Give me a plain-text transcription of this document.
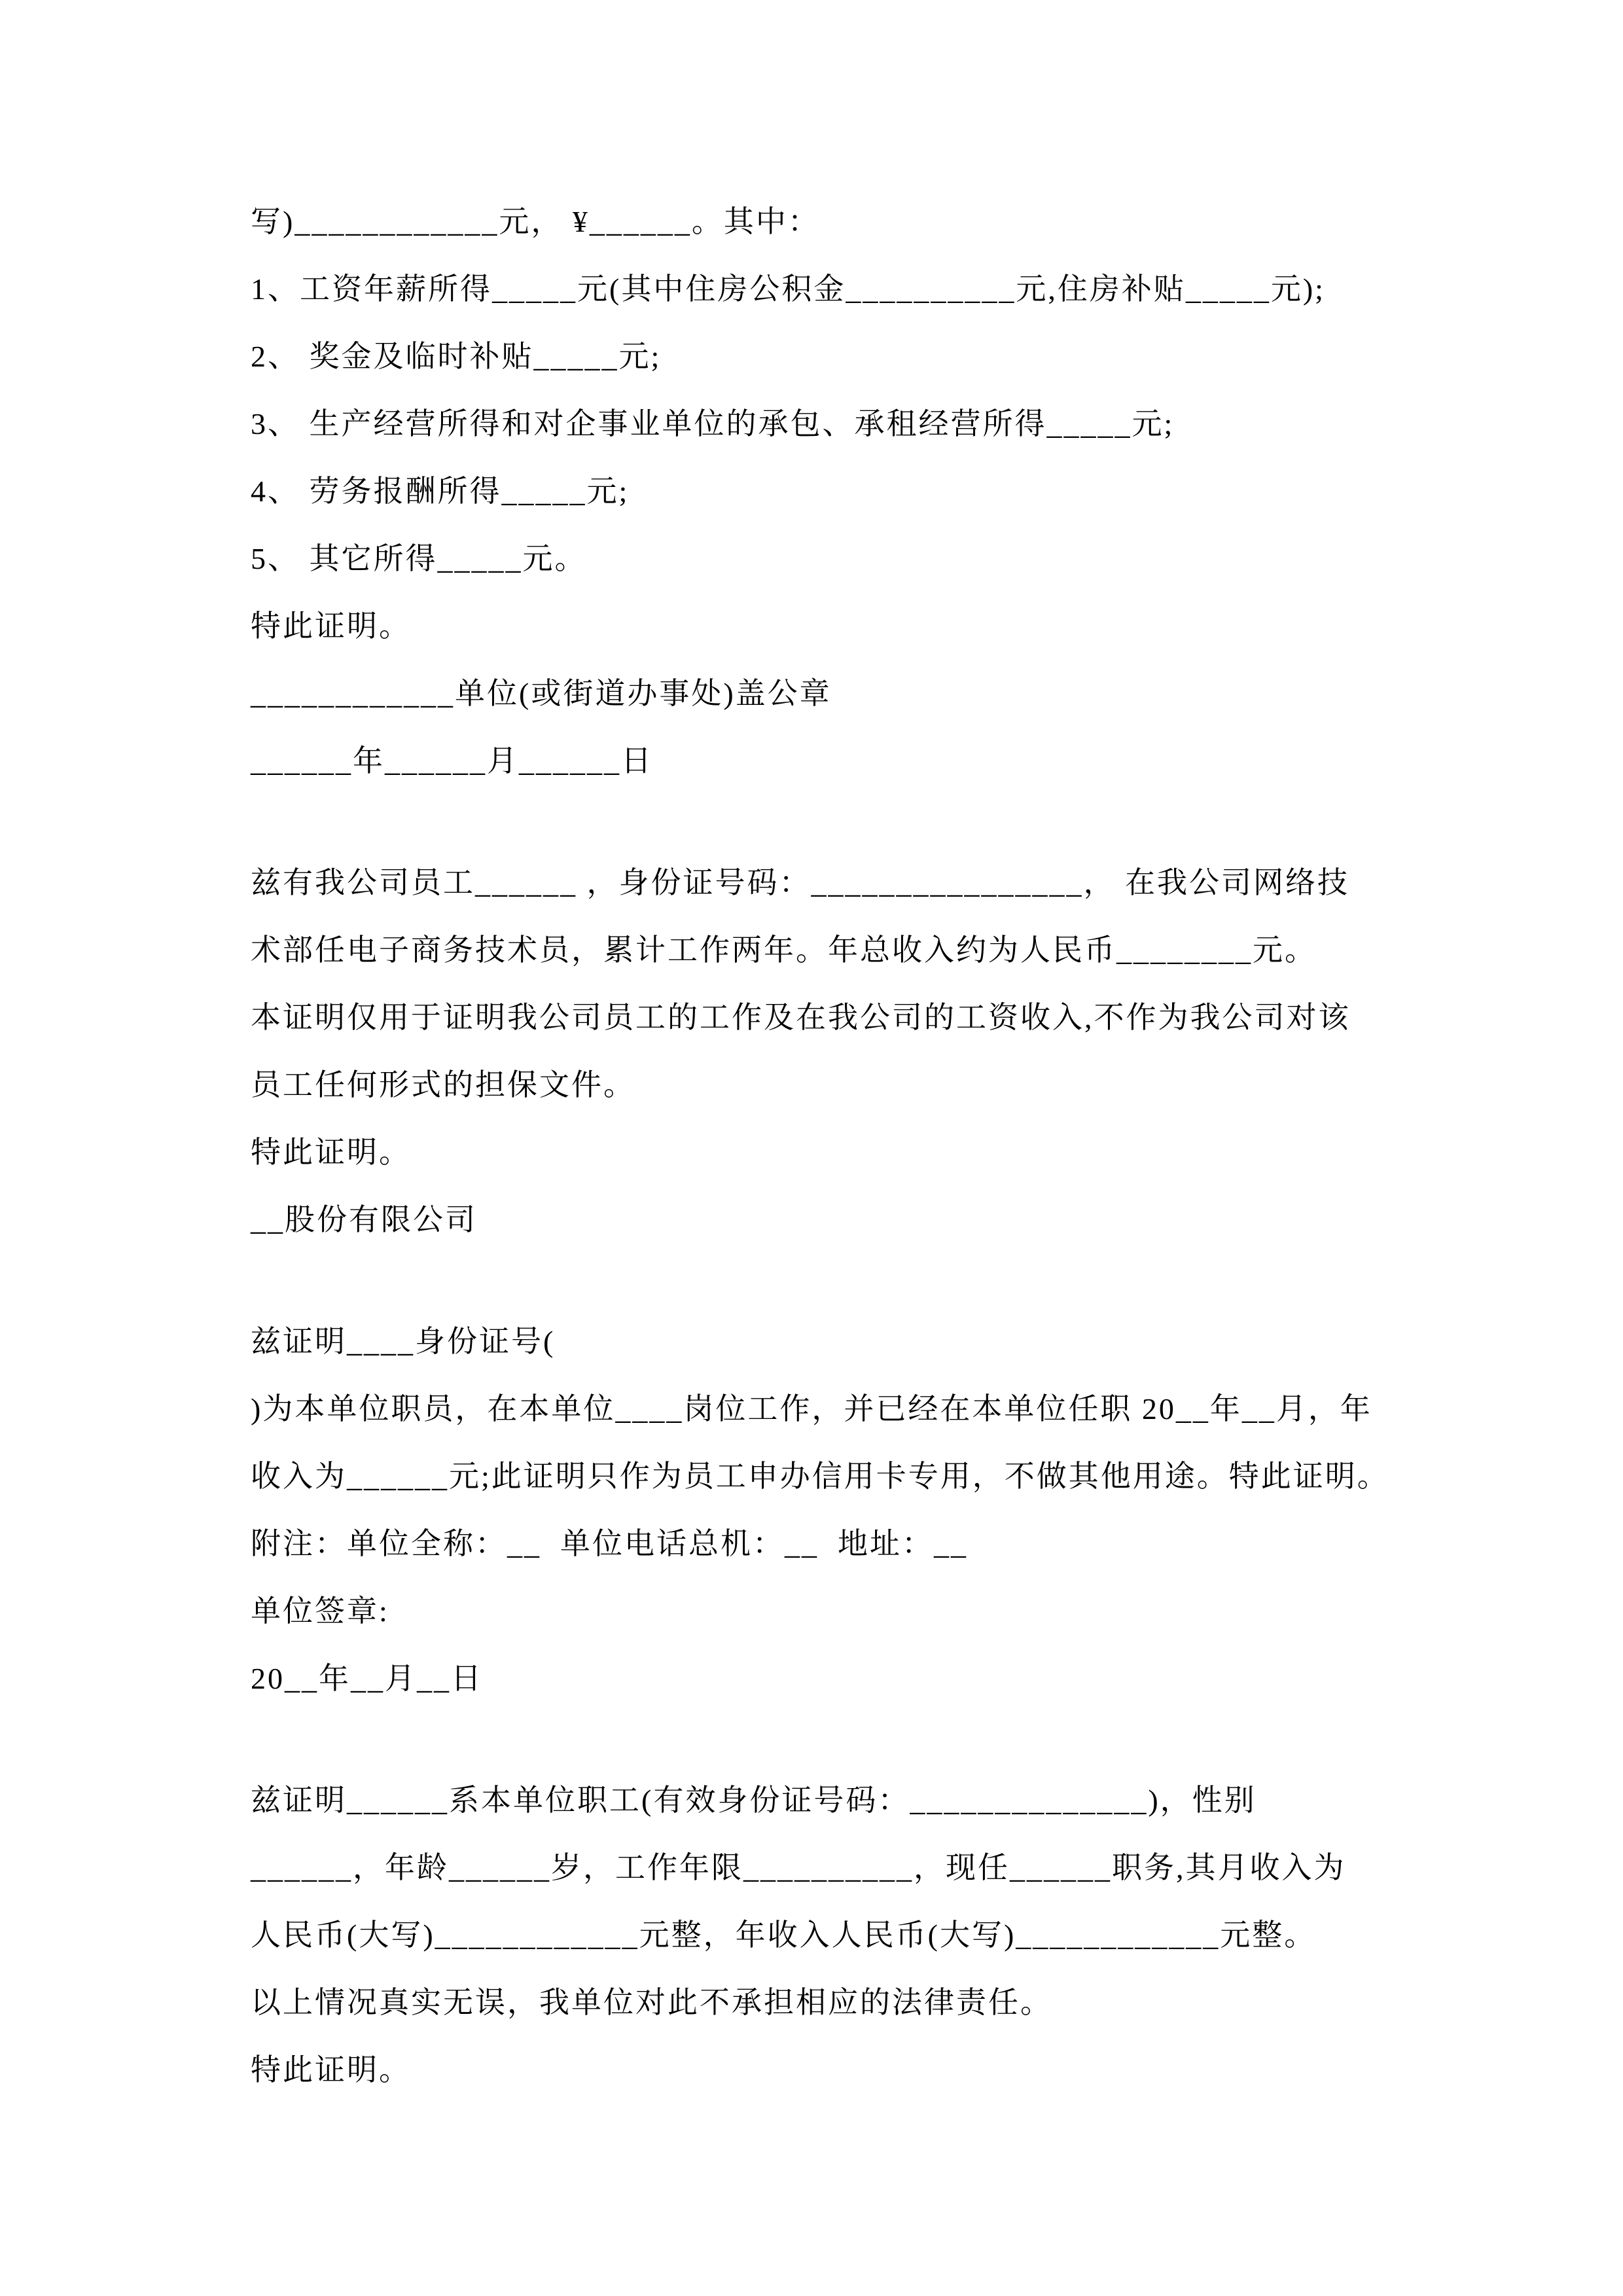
写)____________元， ¥______。其中：
1、工资年薪所得_____元(其中住房公积金__________元,住房补贴_____元);
2、 奖金及临时补贴_____元;
3、 生产经营所得和对企事业单位的承包、承租经营所得_____元;
4、 劳务报酬所得_____元;
5、 其它所得_____元。
特此证明。
____________单位(或街道办事处)盖公章
______年______月______日
兹有我公司员工______ ，身份证号码：________________， 在我公司网络技
术部任电子商务技术员，累计工作两年。年总收入约为人民币________元。
本证明仅用于证明我公司员工的工作及在我公司的工资收入,不作为我公司对该
员工任何形式的担保文件。
特此证明。
__股份有限公司
兹证明____身份证号(
)为本单位职员，在本单位____岗位工作，并已经在本单位任职 20__年__月，年
收入为______元;此证明只作为员工申办信用卡专用，不做其他用途。特此证明。
附注：单位全称：__  单位电话总机：__  地址：__
单位签章:
20__年__月__日
兹证明______系本单位职工(有效身份证号码：______________)，性别
______，年龄______岁，工作年限__________，现任______职务,其月收入为
人民币(大写)____________元整，年收入人民币(大写)____________元整。
以上情况真实无误，我单位对此不承担相应的法律责任。
特此证明。
